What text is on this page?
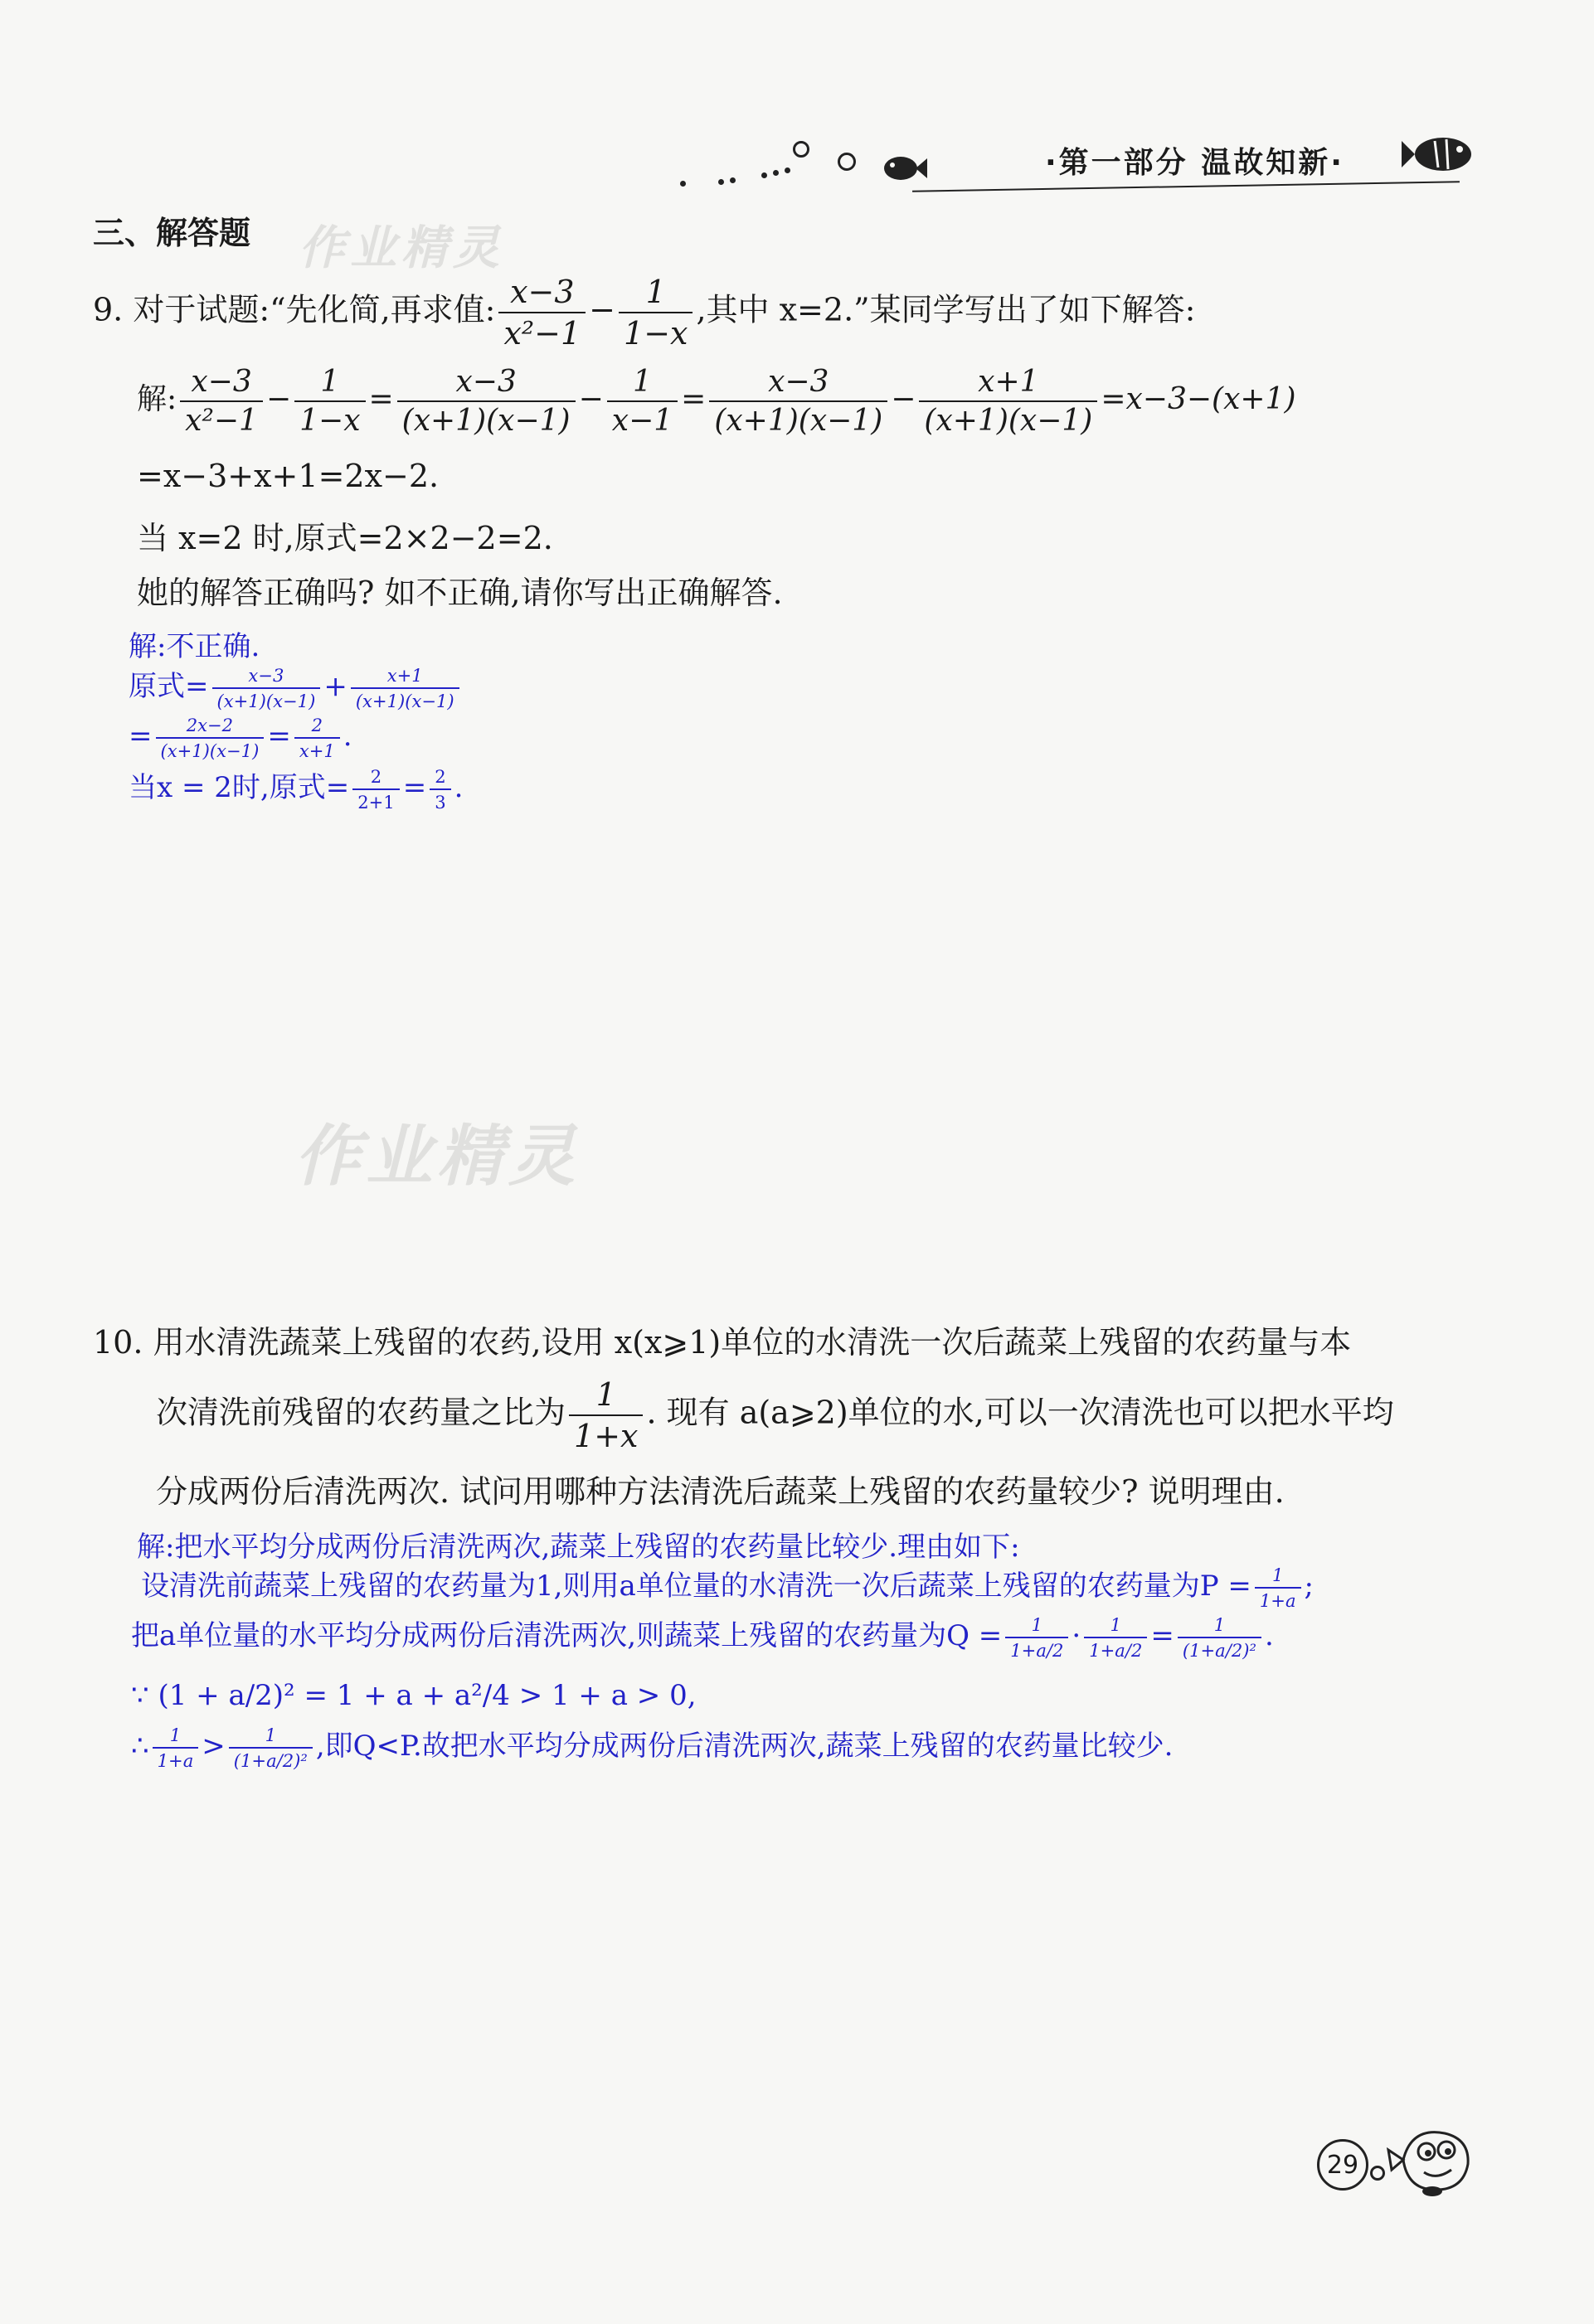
·第一部分 温故知新·
三、解答题 作业精灵
作业精灵
9. 对于试题:“先化简,再求值: $\frac{x-3}{\text{x²−1}} - \frac{1}{1-x}$ ,其中 x=2.”某同学写出了如下解答:
解: $\frac{x-3}{\text{x²−1}} - \frac{1}{1-x} = \frac{x-3}{(x+1)(x-1)} - \frac{1}{x-1} = \frac{x-3}{(x+1)(x-1)} - \frac{x+1}{(x+1)(x-1)} =x-3-(x+1)$
=x−3+x+1=2x−2.
当 x=2 时,原式=2×2−2=2.
她的解答正确吗? 如不正确,请你写出正确解答.
解:不正确.
原式= $\frac{x-3}{(x+1)(x-1)} + \frac{x+1}{(x+1)(x-1)}$
= $\frac{2x-2}{(x+1)(x-1)} = \frac{2}{x+1}$ .
当x = 2时,原式= $\frac{2}{2+1} = \frac{2}{3}$ .
10. 用水清洗蔬菜上残留的农药,设用 x(x⩾1)单位的水清洗一次后蔬菜上残留的农药量与本
次清洗前残留的农药量之比为 $\frac{1}{1+x}$ . 现有 a(a⩾2)单位的水,可以一次清洗也可以把水平均
分成两份后清洗两次. 试问用哪种方法清洗后蔬菜上残留的农药量较少? 说明理由.
解:把水平均分成两份后清洗两次,蔬菜上残留的农药量比较少.理由如下:
设清洗前蔬菜上残留的农药量为1,则用a单位量的水清洗一次后蔬菜上残留的农药量为$P = \frac{1}{1+a}$ ;
把a单位量的水平均分成两份后清洗两次,则蔬菜上残留的农药量为$Q = \frac{1}{1+a/2} \cdot \frac{1}{1+a/2} = \frac{1}{\text{(1+a/2)²}}$ .
∵ (1 + a/2)² = 1 + a + a²/4 > 1 + a > 0,
∴ $\frac{1}{1+a} > \frac{1}{\text{(1+a/2)²}}$ ,即Q<P.故把水平均分成两份后清洗两次,蔬菜上残留的农药量比较少.
29
